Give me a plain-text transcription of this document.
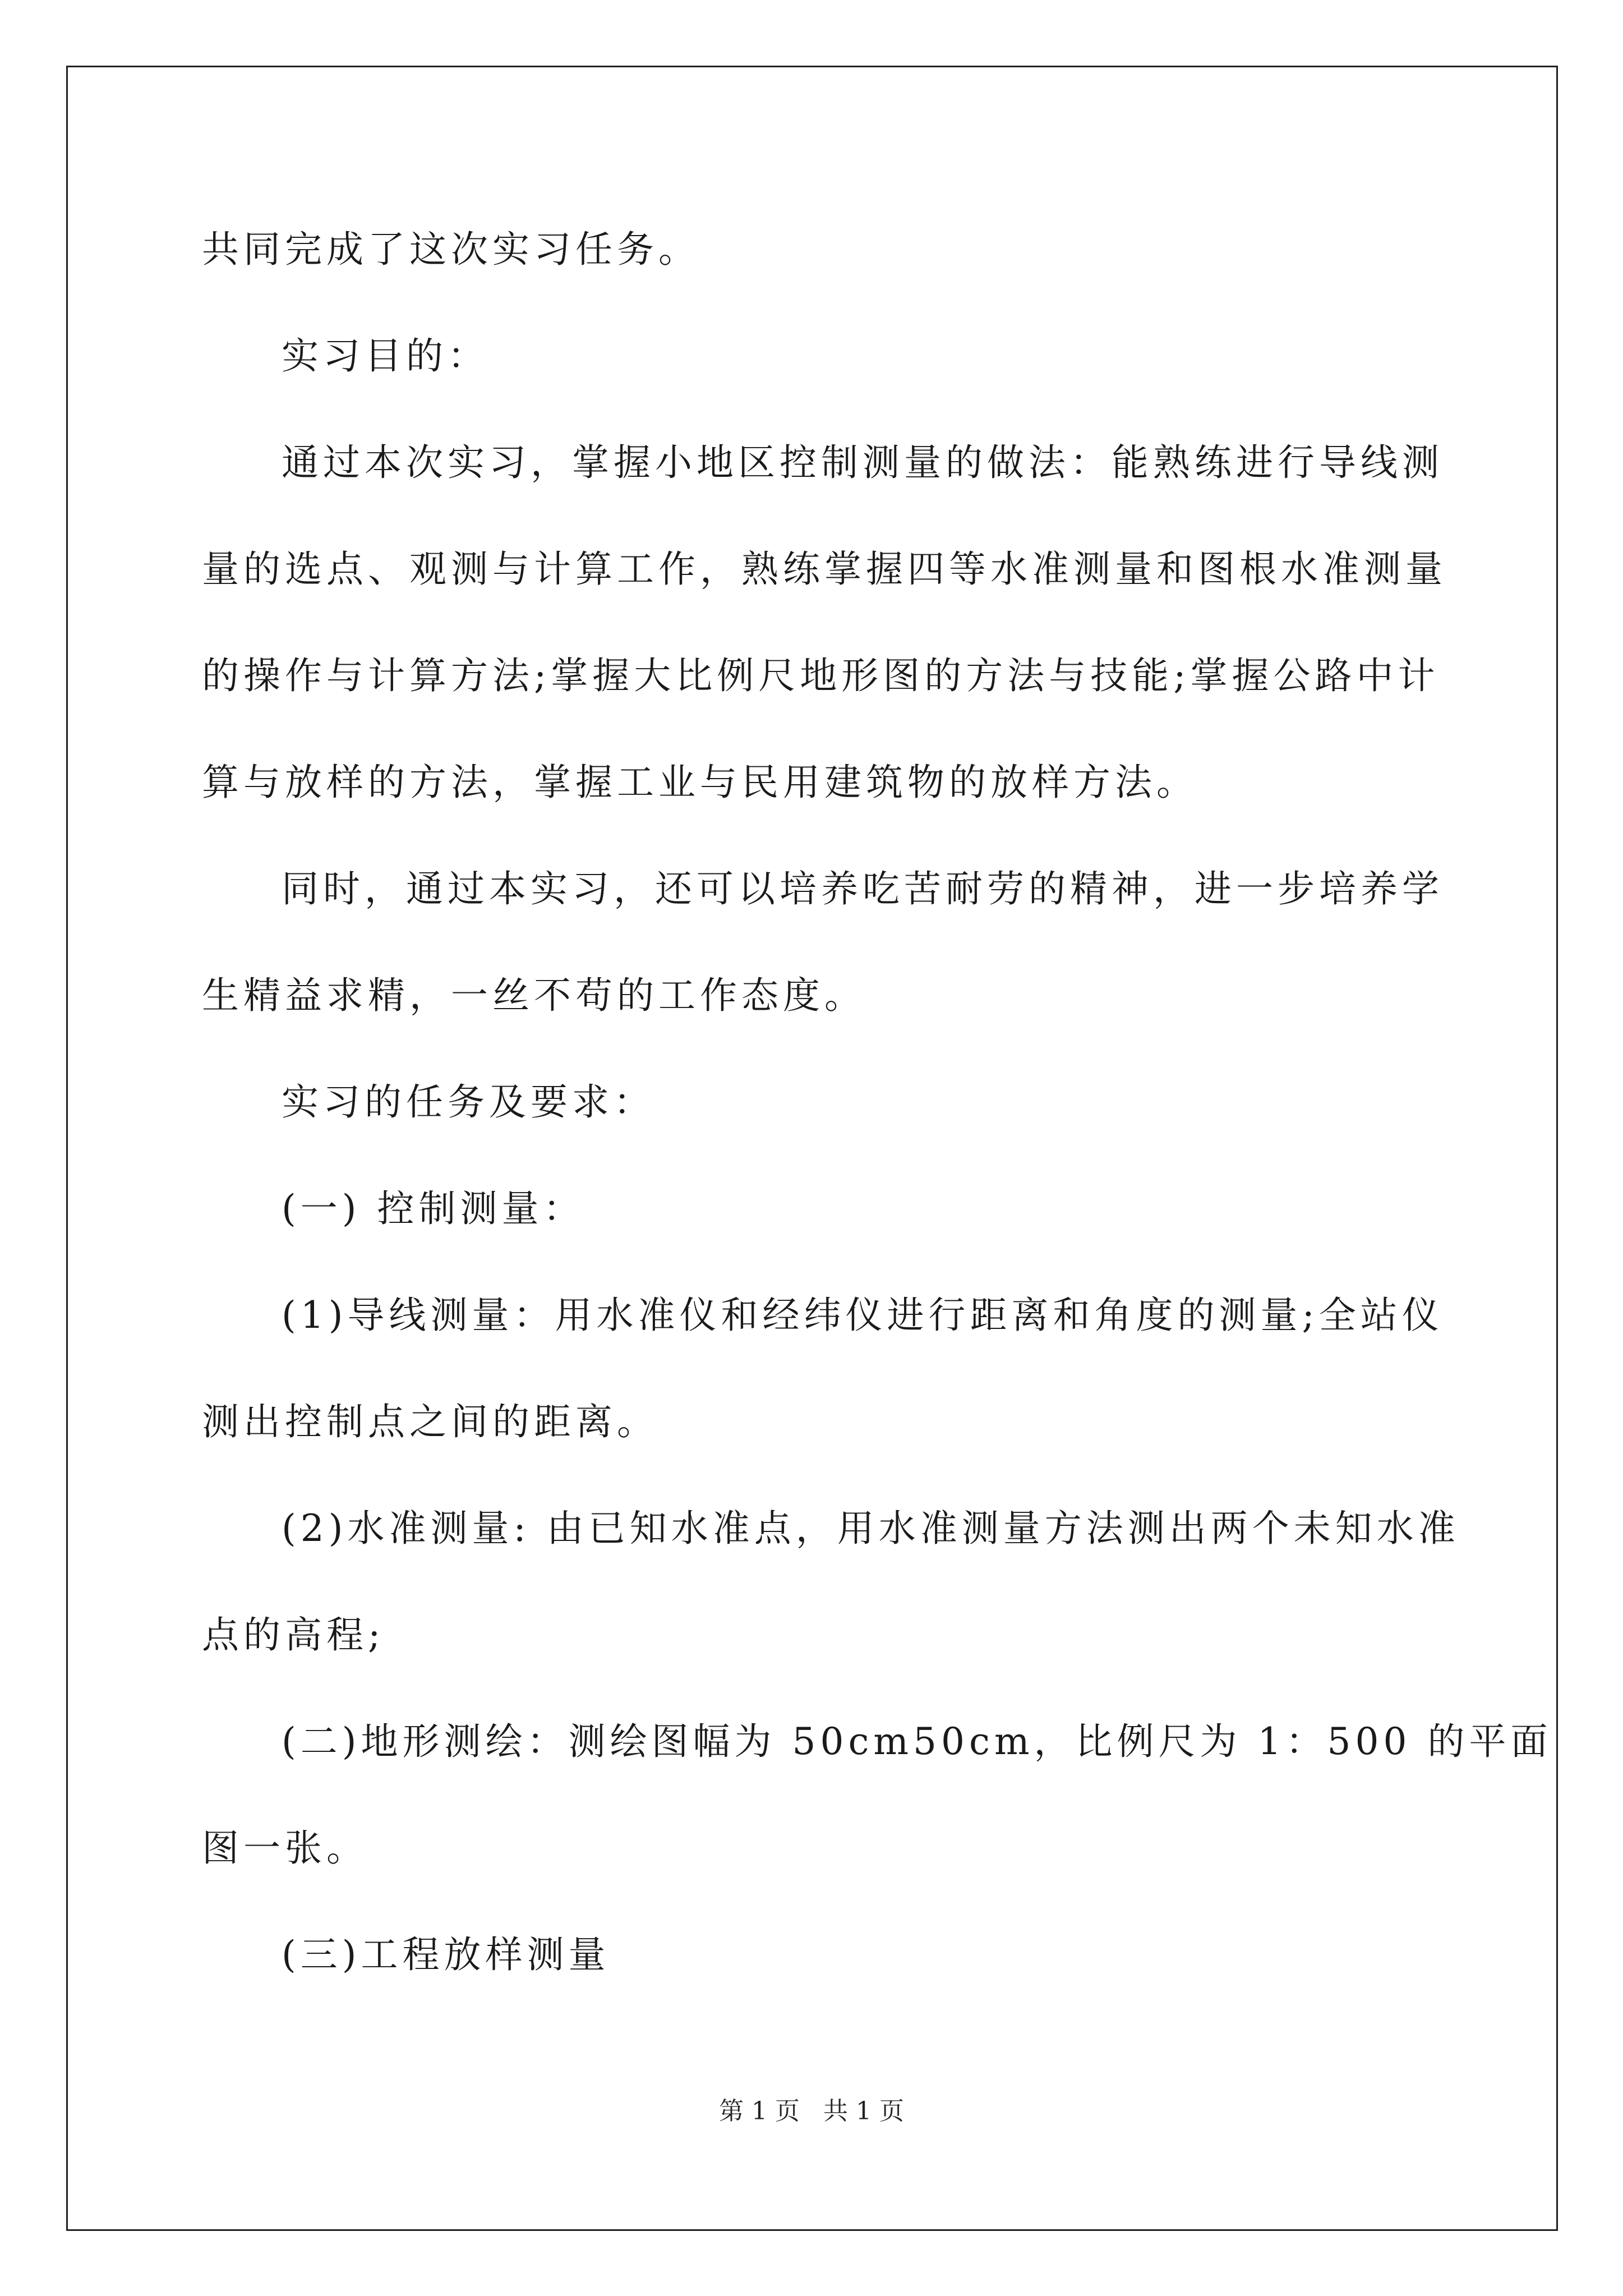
共同完成了这次实习任务。
实习目的：
通过本次实习，掌握小地区控制测量的做法：能熟练进行导线测
量的选点、观测与计算工作，熟练掌握四等水准测量和图根水准测量
的操作与计算方法;掌握大比例尺地形图的方法与技能;掌握公路中计
算与放样的方法，掌握工业与民用建筑物的放样方法。
同时，通过本实习，还可以培养吃苦耐劳的精神，进一步培养学
生精益求精，一丝不苟的工作态度。
实习的任务及要求：
(一) 控制测量：
(1)导线测量：用水准仪和经纬仪进行距离和角度的测量;全站仪
测出控制点之间的距离。
(2)水准测量: 由已知水准点，用水准测量方法测出两个未知水准
点的高程;
(二)地形测绘：测绘图幅为 50cm50cm，比例尺为 1：500 的平面
图一张。
(三)工程放样测量
第 1 页   共 1 页
